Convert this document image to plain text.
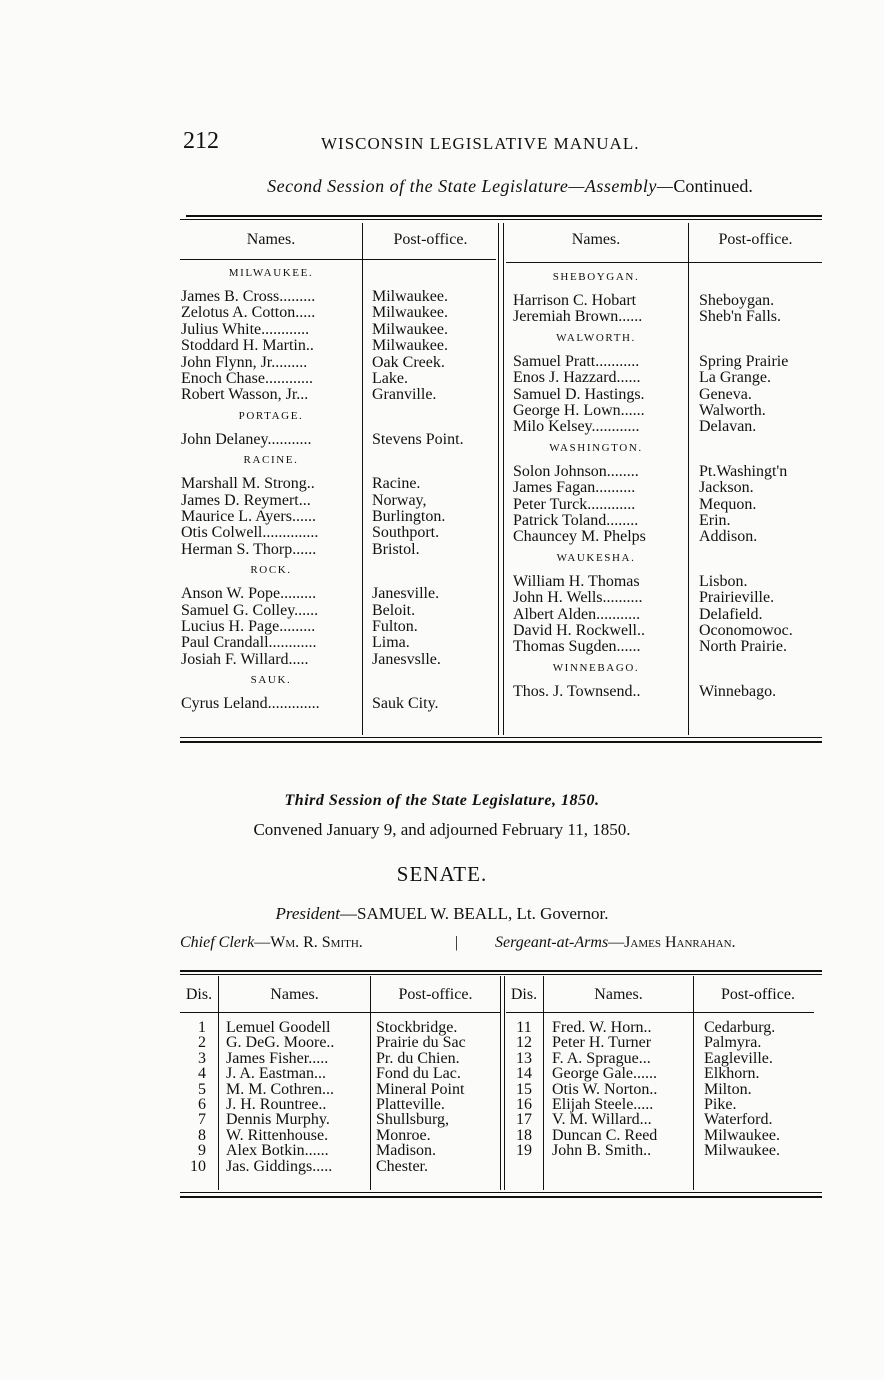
212	WISCONSIN LEGISLATIVE MANUAL.
Second Session of the State Legislature—Assembly—Continued.
Names.	Post-office.	Names.	Post-office.
MILWAUKEE.
James B. Cross.........	Milwaukee.
Zelotus A. Cotton.....	Milwaukee.
Julius White............	Milwaukee.
Stoddard H. Martin..	Milwaukee.
John Flynn, Jr.........	Oak Creek.
Enoch Chase............	Lake.
Robert Wasson, Jr...	Granville.
PORTAGE.
John Delaney...........	Stevens Point.
RACINE.
Marshall M. Strong..	Racine.
James D. Reymert...	Norway,
Maurice L. Ayers......	Burlington.
Otis Colwell..............	Southport.
Herman S. Thorp......	Bristol.
ROCK.
Anson W. Pope.........	Janesville.
Samuel G. Colley......	Beloit.
Lucius H. Page.........	Fulton.
Paul Crandall............	Lima.
Josiah F. Willard.....	Janesvslle.
SAUK.
Cyrus Leland.............	Sauk City.
SHEBOYGAN.
Harrison C. Hobart	Sheboygan.
Jeremiah Brown......	Sheb'n Falls.
WALWORTH.
Samuel Pratt...........	Spring Prairie
Enos J. Hazzard......	La Grange.
Samuel D. Hastings.	Geneva.
George H. Lown......	Walworth.
Milo Kelsey............	Delavan.
WASHINGTON.
Solon Johnson........	Pt.Washingt'n
James Fagan..........	Jackson.
Peter Turck............	Mequon.
Patrick Toland........	Erin.
Chauncey M. Phelps	Addison.
WAUKESHA.
William H. Thomas	Lisbon.
John H. Wells..........	Prairieville.
Albert Alden...........	Delafield.
David H. Rockwell..	Oconomowoc.
Thomas Sugden......	North Prairie.
WINNEBAGO.
Thos. J. Townsend..	Winnebago.
Third Session of the State Legislature, 1850.
Convened January 9, and adjourned February 11, 1850.
SENATE.
President—SAMUEL W. BEALL, Lt. Governor.
Chief Clerk—Wm. R. Smith.	| Sergeant-at-Arms—James Hanrahan.
Dis.	Names.	Post-office.	Dis.	Names.	Post-office.
1 Lemuel Goodell	Stockbridge.
2 G. DeG. Moore..	Prairie du Sac
3 James Fisher.....	Pr. du Chien.
4 J. A. Eastman...	Fond du Lac.
5 M. M. Cothren...	Mineral Point
6 J. H. Rountree..	Platteville.
7 Dennis Murphy.	Shullsburg,
8 W. Rittenhouse.	Monroe.
9 Alex Botkin......	Madison.
10 Jas. Giddings.....	Chester.
11	Fred. W. Horn..	Cedarburg.
12	Peter H. Turner	Palmyra.
13	F. A. Sprague...	Eagleville.
14	George Gale......	Elkhorn.
15	Otis W. Norton..	Milton.
16	Elijah Steele.....	Pike.
17	V. M. Willard...	Waterford.
18	Duncan C. Reed	Milwaukee.
19	John B. Smith..	Milwaukee.
